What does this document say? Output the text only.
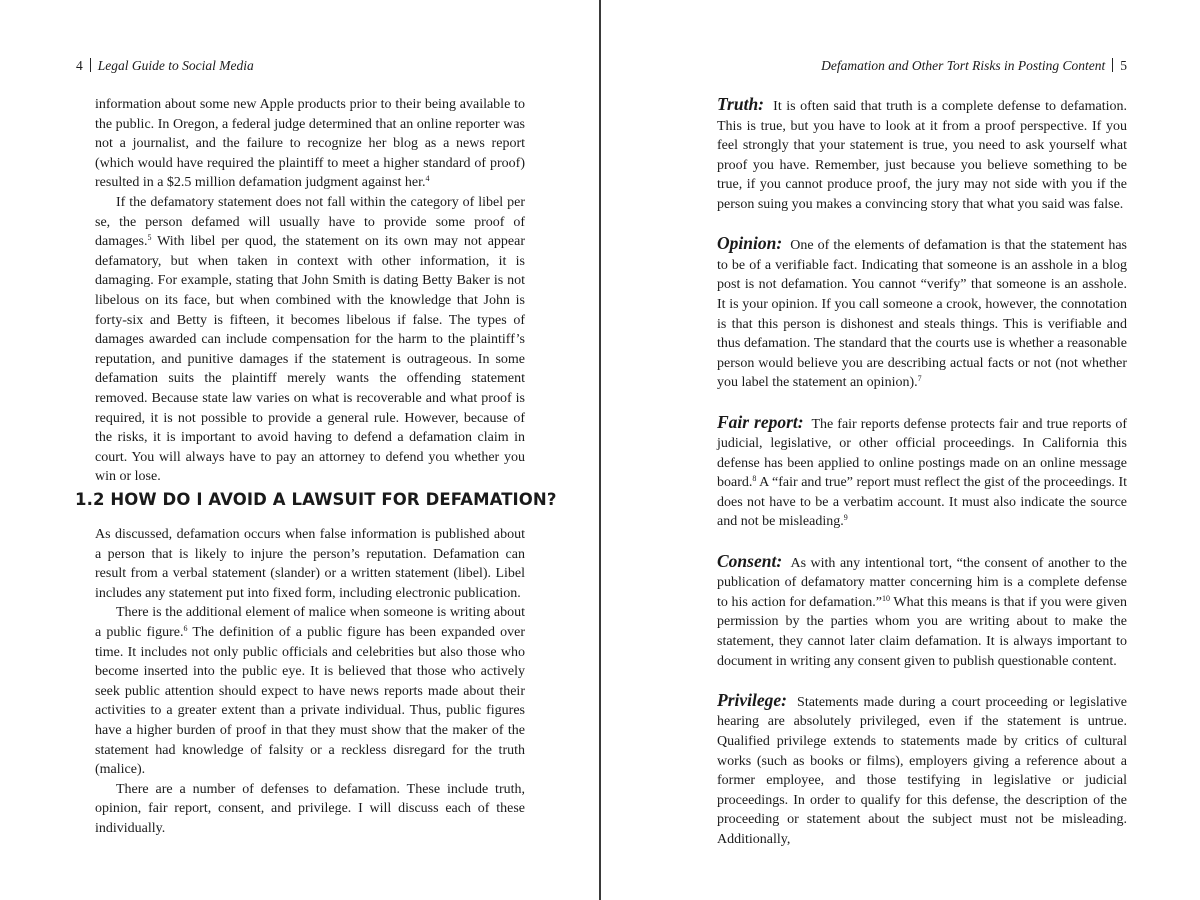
4 Legal Guide to Social Media

information about some new Apple products prior to their being available to the public. In Oregon, a federal judge determined that an online reporter was not a journalist, and the failure to recognize her blog as a news report (which would have required the plaintiff to meet a higher standard of proof) resulted in a $2.5 million defamation judgment against her.$^4$

If the defamatory statement does not fall within the category of libel per se, the person defamed will usually have to provide some proof of damages.$^5$ With libel per quod, the statement on its own may not appear defamatory, but when taken in context with other information, it is damaging. For example, stating that John Smith is dating Betty Baker is not libelous on its face, but when combined with the knowledge that John is forty-six and Betty is fifteen, it becomes libelous if false. The types of damages awarded can include compensation for the harm to the plaintiff’s reputation, and punitive damages if the statement is outrageous. In some defamation suits the plaintiff merely wants the offending statement removed. Because state law varies on what is recoverable and what proof is required, it is not possible to provide a general rule. However, because of the risks, it is important to avoid having to defend a defamation claim in court. You will always have to pay an attorney to defend you whether you win or lose.

1.2 HOW DO I AVOID A LAWSUIT FOR DEFAMATION?

As discussed, defamation occurs when false information is published about a person that is likely to injure the person’s reputation. Defamation can result from a verbal statement (slander) or a written statement (libel). Libel includes any statement put into fixed form, including electronic publication.

There is the additional element of malice when someone is writing about a public figure.$^6$ The definition of a public figure has been expanded over time. It includes not only public officials and celebrities but also those who become inserted into the public eye. It is believed that those who actively seek public attention should expect to have news reports made about their activities to a greater extent than a private individual. Thus, public figures have a higher burden of proof in that they must show that the maker of the statement had knowledge of falsity or a reckless disregard for the truth (malice).

There are a number of defenses to defamation. These include truth, opinion, fair report, consent, and privilege. I will discuss each of these individually.

Defamation and Other Tort Risks in Posting Content 5

Truth: It is often said that truth is a complete defense to defamation. This is true, but you have to look at it from a proof perspective. If you feel strongly that your statement is true, you need to ask yourself what proof you have. Remember, just because you believe something to be true, if you cannot produce proof, the jury may not side with you if the person suing you makes a convincing story that what you said was false.

Opinion: One of the elements of defamation is that the statement has to be of a verifiable fact. Indicating that someone is an asshole in a blog post is not defamation. You cannot “verify” that someone is an asshole. It is your opinion. If you call someone a crook, however, the connotation is that this person is dishonest and steals things. This is verifiable and thus defamation. The standard that the courts use is whether a reasonable person would believe you are describing actual facts or not (not whether you label the statement an opinion).$^7$

Fair report: The fair reports defense protects fair and true reports of judicial, legislative, or other official proceedings. In California this defense has been applied to online postings made on an online message board.$^8$ A “fair and true” report must reflect the gist of the proceedings. It does not have to be a verbatim account. It must also indicate the source and not be misleading.$^9$

Consent: As with any intentional tort, “the consent of another to the publication of defamatory matter concerning him is a complete defense to his action for defamation.”$^{10}$ What this means is that if you were given permission by the parties whom you are writing about to make the statement, they cannot later claim defamation. It is always important to document in writing any consent given to publish questionable content.

Privilege: Statements made during a court proceeding or legislative hearing are absolutely privileged, even if the statement is untrue. Qualified privilege extends to statements made by critics of cultural works (such as books or films), employers giving a reference about a former employee, and those testifying in legislative or judicial proceedings. In order to qualify for this defense, the description of the proceeding or statement about the subject must not be misleading. Additionally,
